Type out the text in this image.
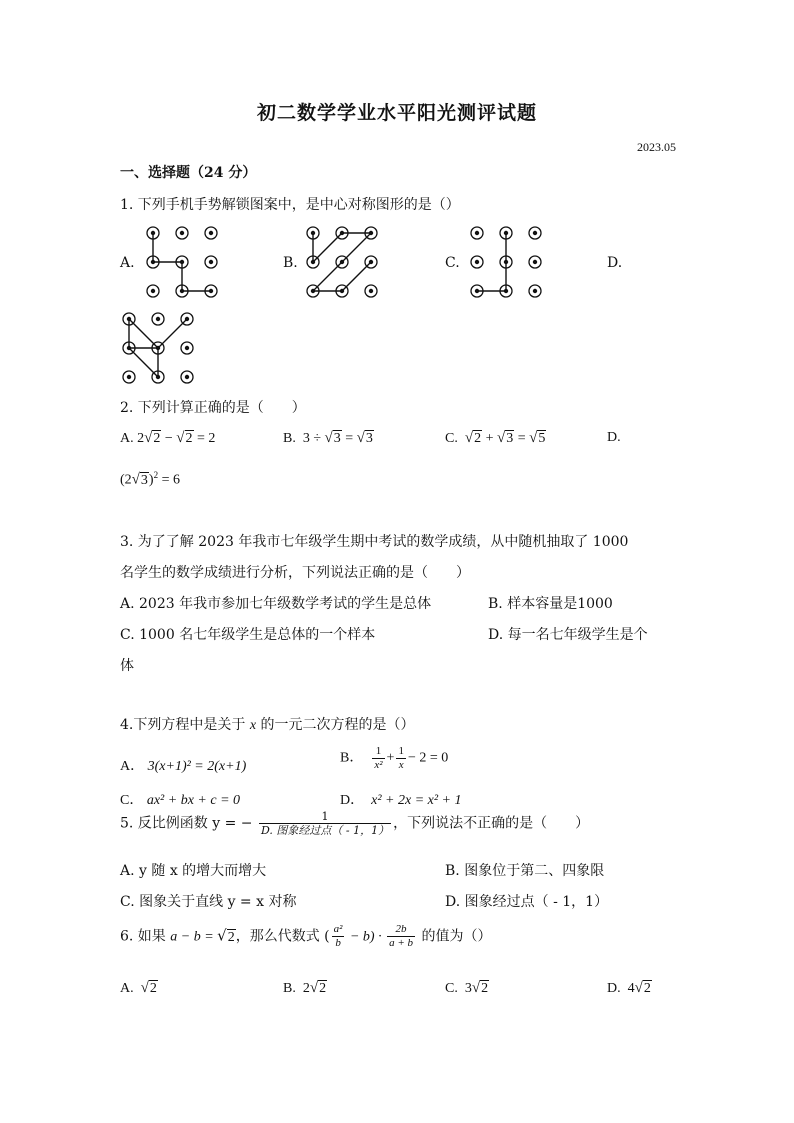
初二数学学业水平阳光测评试题
2023.05
一、选择题（24 分）
1. 下列手机手势解锁图案中，是中心对称图形的是（）
A.	B.	C.	D.
2. 下列计算正确的是（　　）
A. 2√2 − √2 = 2	B. 3 ÷ √3 = √3	C. √2 + √3 = √5	D.
$(2√3)^2 = 6$
3. 为了了解 2023 年我市七年级学生期中考试的数学成绩，从中随机抽取了 1000
名学生的数学成绩进行分析，下列说法正确的是（　　）
A. 2023 年我市参加七年级数学考试的学生是总体	B. 样本容量是1000
C. 1000 名七年级学生是总体的一个样本	D. 每一名七年级学生是个
体
4.下列方程中是关于 x 的一元二次方程的是（）
A． 3(x+1)² = 2(x+1)
B． $\frac{1}{\text{x²}} + \frac{1}{x} - 2 = 0$
C． ax² + bx + c = 0	D． x² + 2x = x² + 1
5. 反比例函数 y = − $\frac{1}{\text{D. 图象经过点（ - 1，1）}}$ ，下列说法不正确的是（　　）
A. y 随 x 的增大而增大	B. 图象位于第二、四象限
C. 图象关于直线 y = x 对称	D. 图象经过点（ - 1，1）
6. 如果 a − b = √2，那么代数式 ( $\frac{\text{a²}}{b} - b) \cdot \frac{2b}{a + b}$ 的值为（）
A. √2	B. 2√2	C. 3√2	D. 4√2
